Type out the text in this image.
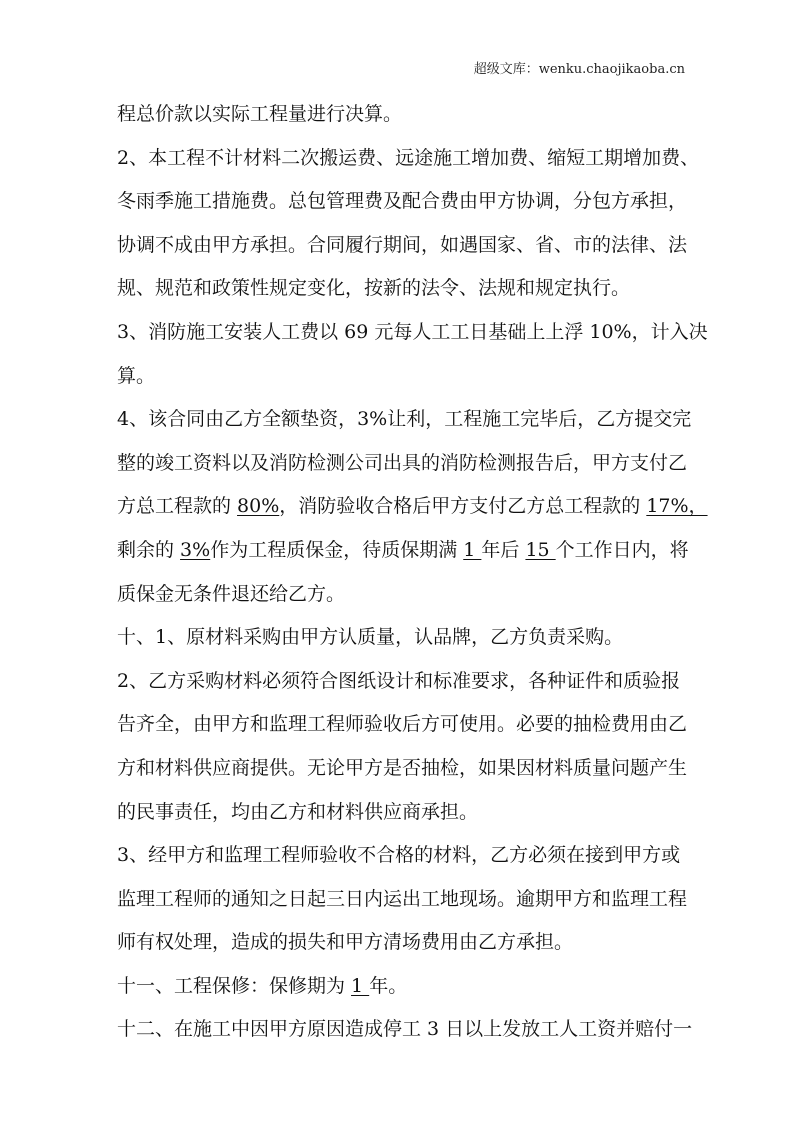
超级文库：wenku.chaojikaoba.cn
程总价款以实际工程量进行决算。
2、本工程不计材料二次搬运费、远途施工增加费、缩短工期增加费、
冬雨季施工措施费。总包管理费及配合费由甲方协调，分包方承担，
协调不成由甲方承担。合同履行期间，如遇国家、省、市的法律、法
规、规范和政策性规定变化，按新的法令、法规和规定执行。
3、消防施工安装人工费以 69 元每人工工日基础上上浮 10%，计入决
算。
4、该合同由乙方全额垫资，3%让利，工程施工完毕后，乙方提交完
整的竣工资料以及消防检测公司出具的消防检测报告后，甲方支付乙
方总工程款的 80%，消防验收合格后甲方支付乙方总工程款的 17%，
剩余的 3%作为工程质保金，待质保期满 1 年后 15 个工作日内，将
质保金无条件退还给乙方。
十、1、原材料采购由甲方认质量，认品牌，乙方负责采购。
2、乙方采购材料必须符合图纸设计和标准要求，各种证件和质验报
告齐全，由甲方和监理工程师验收后方可使用。必要的抽检费用由乙
方和材料供应商提供。无论甲方是否抽检，如果因材料质量问题产生
的民事责任，均由乙方和材料供应商承担。
3、经甲方和监理工程师验收不合格的材料，乙方必须在接到甲方或
监理工程师的通知之日起三日内运出工地现场。逾期甲方和监理工程
师有权处理，造成的损失和甲方清场费用由乙方承担。
十一、工程保修：保修期为 1 年。
十二、在施工中因甲方原因造成停工 3 日以上发放工人工资并赔付一
